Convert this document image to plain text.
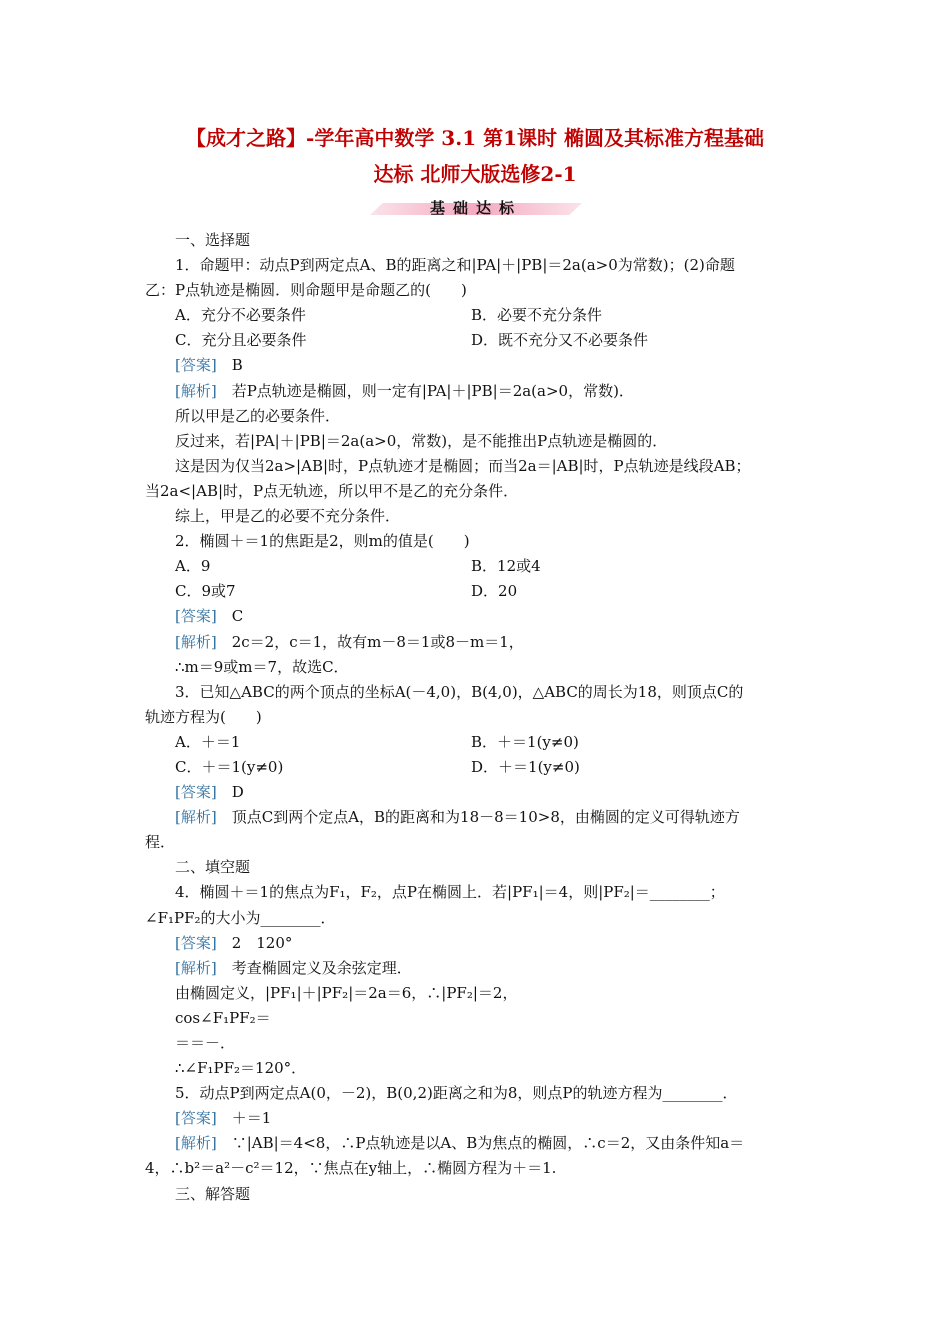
【成才之路】-学年高中数学 3.1 第1课时 椭圆及其标准方程基础
达标 北师大版选修2-1
基础达标
一、选择题
1．命题甲：动点P到两定点A、B的距离之和|PA|＋|PB|＝2a(a>0为常数)；(2)命题
乙：P点轨迹是椭圆．则命题甲是命题乙的(　　)
A．充分不必要条件	B．必要不充分条件
C．充分且必要条件	D．既不充分又不必要条件
[答案]　B
[解析]　若P点轨迹是椭圆，则一定有|PA|＋|PB|＝2a(a>0，常数)．
所以甲是乙的必要条件．
反过来，若|PA|＋|PB|＝2a(a>0，常数)，是不能推出P点轨迹是椭圆的．
这是因为仅当2a>|AB|时，P点轨迹才是椭圆；而当2a＝|AB|时，P点轨迹是线段AB；
当2a<|AB|时，P点无轨迹，所以甲不是乙的充分条件．
综上，甲是乙的必要不充分条件．
2．椭圆＋＝1的焦距是2，则m的值是(　　)
A．9	B．12或4
C．9或7	D．20
[答案]　C
[解析]　2c＝2，c＝1，故有m－8＝1或8－m＝1，
∴m＝9或m＝7，故选C．
3．已知△ABC的两个顶点的坐标A(－4,0)，B(4,0)，△ABC的周长为18，则顶点C的
轨迹方程为(　　)
A．＋＝1	B．＋＝1(y≠0)
C．＋＝1(y≠0)	D．＋＝1(y≠0)
[答案]　D
[解析]　顶点C到两个定点A，B的距离和为18－8＝10>8，由椭圆的定义可得轨迹方
程．
二、填空题
4．椭圆＋＝1的焦点为F₁，F₂，点P在椭圆上．若|PF₁|＝4，则|PF₂|＝________；
∠F₁PF₂的大小为________．
[答案]　2　120°
[解析]　考查椭圆定义及余弦定理．
由椭圆定义，|PF₁|＋|PF₂|＝2a＝6，∴|PF₂|＝2，
cos∠F₁PF₂＝
＝＝－．
∴∠F₁PF₂＝120°．
5．动点P到两定点A(0，－2)，B(0,2)距离之和为8，则点P的轨迹方程为________．
[答案]　＋＝1
[解析]　∵|AB|＝4<8，∴P点轨迹是以A、B为焦点的椭圆，∴c＝2，又由条件知a＝
4，∴b²＝a²－c²＝12，∵焦点在y轴上，∴椭圆方程为＋＝1.
三、解答题
